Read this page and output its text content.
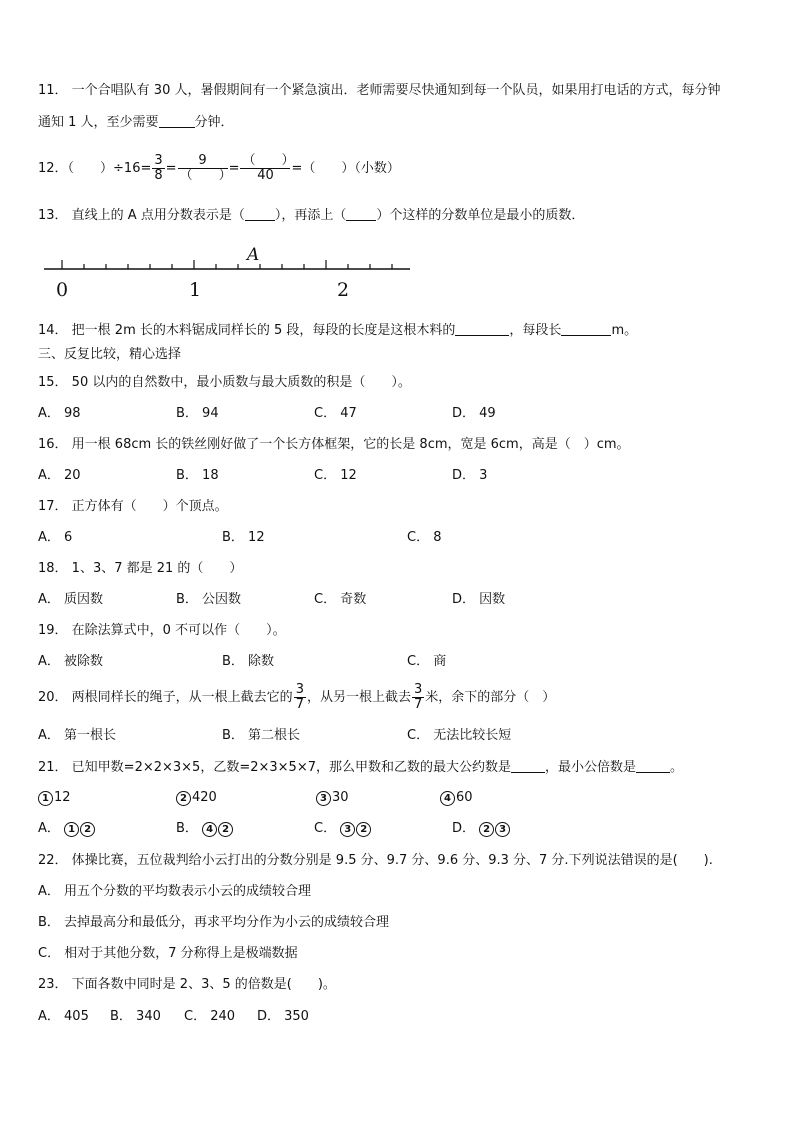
11． 一个合唱队有 30 人，暑假期间有一个紧急演出．老师需要尽快通知到每一个队员，如果用打电话的方式，每分钟
通知 1 人，至少需要	分钟．
12．（　　）$\div 16= \frac{3}{8} = \frac{9}{( )} = \frac{( )}{40}$ =（　　）（小数）
13． 直线上的 A 点用分数表示是（ ），再添上（ ）个这样的分数单位是最小的质数．
A
0	1	2
14． 把一根 2m 长的木料锯成同样长的 5 段，每段的长度是这根木料的	，每段长	m。
三、反复比较，精心选择
15． 50 以内的自然数中，最小质数与最大质数的积是（　　）。
A． 98	B． 94	C． 47	D． 49
16． 用一根 68cm 长的铁丝刚好做了一个长方体框架，它的长是 8cm，宽是 6cm，高是（　）cm。
A． 20	B． 18	C． 12	D． 3
17． 正方体有（　　）个顶点。
A． 6	B． 12	C． 8
18． 1、3、7 都是 21 的（　　）
A． 质因数	B． 公因数	C． 奇数	D． 因数
19． 在除法算式中，0 不可以作（　　）。
A． 被除数	B． 除数	C． 商
20． 两根同样长的绳子，从一根上截去它的 $\frac{3}{7}$ ，从另一根上截去 $\frac{3}{7}$ 米，余下的部分（　）
A． 第一根长	B． 第二根长	C． 无法比较长短
21． 已知甲数=2×2×3×5，乙数=2×3×5×7，那么甲数和乙数的最大公约数是	，最小公倍数是	。
1 12	2 420	3 30	4 60
A． 1 2	B． 4 2	C． 3 2	D． 2 3
22． 体操比赛，五位裁判给小云打出的分数分别是 9.5 分、9.7 分、9.6 分、9.3 分、7 分.下列说法错误的是(　　).
A． 用五个分数的平均数表示小云的成绩较合理
B． 去掉最高分和最低分，再求平均分作为小云的成绩较合理
C． 相对于其他分数，7 分称得上是极端数据
23． 下面各数中同时是 2、3、5 的倍数是(　　)。
A． 405 B． 340 C． 240 D． 350
